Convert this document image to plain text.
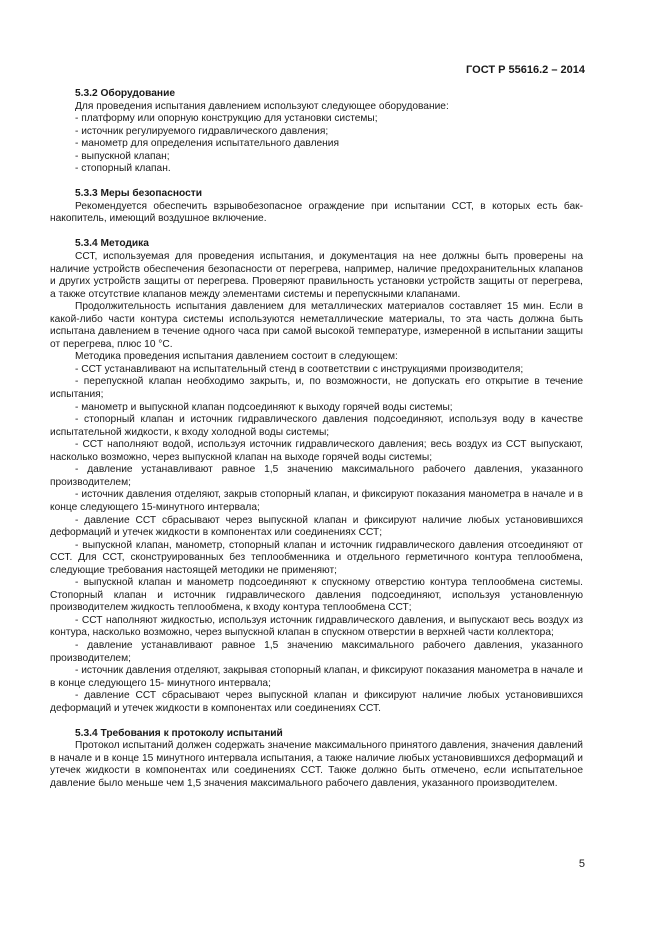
ГОСТ Р 55616.2 – 2014
5.3.2 Оборудование
Для проведения испытания давлением используют следующее оборудование:
- платформу или опорную конструкцию для установки системы;
- источник регулируемого гидравлического давления;
- манометр для определения испытательного давления
- выпускной клапан;
- стопорный клапан.
5.3.3 Меры безопасности
Рекомендуется обеспечить взрывобезопасное ограждение при испытании ССТ, в которых есть бак-накопитель, имеющий воздушное включение.
5.3.4 Методика
ССТ, используемая для проведения испытания, и документация на нее должны быть проверены на наличие устройств обеспечения безопасности от перегрева, например, наличие предохранительных клапанов и других устройств защиты от перегрева. Проверяют правильность установки устройств защиты от перегрева, а также отсутствие клапанов между элементами системы и перепускными клапанами.
Продолжительность испытания давлением для металлических материалов составляет 15 мин. Если в какой-либо части контура системы используются неметаллические материалы, то эта часть должна быть испытана давлением в течение одного часа при самой высокой температуре, измеренной в испытании защиты от перегрева, плюс 10 °С.
Методика проведения испытания давлением состоит в следующем:
- ССТ устанавливают на испытательный стенд в соответствии с инструкциями производителя;
- перепускной клапан необходимо закрыть, и, по возможности, не допускать его открытие в течение испытания;
- манометр и выпускной клапан подсоединяют к выходу горячей воды системы;
- стопорный клапан и источник гидравлического давления подсоединяют, используя воду в качестве испытательной жидкости, к входу холодной воды системы;
- ССТ наполняют водой, используя источник гидравлического давления; весь воздух из ССТ выпускают, насколько возможно, через выпускной клапан на выходе горячей воды системы;
- давление устанавливают равное 1,5 значению максимального рабочего давления, указанного производителем;
- источник давления отделяют, закрыв стопорный клапан, и фиксируют показания манометра в начале и в конце следующего 15-минутного интервала;
- давление ССТ сбрасывают через выпускной клапан и фиксируют наличие любых установившихся деформаций и утечек жидкости в компонентах или соединениях ССТ;
- выпускной клапан, манометр, стопорный клапан и источник гидравлического давления отсоединяют от ССТ. Для ССТ, сконструированных без теплообменника и отдельного герметичного контура теплообмена, следующие требования настоящей методики не применяют;
- выпускной клапан и манометр подсоединяют к спускному отверстию контура теплообмена системы. Стопорный клапан и источник гидравлического давления подсоединяют, используя установленную производителем жидкость теплообмена, к входу контура теплообмена ССТ;
- ССТ наполняют жидкостью, используя источник гидравлического давления, и выпускают весь воздух из контура, насколько возможно, через выпускной клапан в спускном отверстии в верхней части коллектора;
- давление устанавливают равное 1,5 значению максимального рабочего давления, указанного производителем;
- источник давления отделяют, закрывая стопорный клапан, и фиксируют показания манометра в начале и в конце следующего 15- минутного интервала;
- давление ССТ сбрасывают через выпускной клапан и фиксируют наличие любых установившихся деформаций и утечек жидкости в компонентах или соединениях ССТ.
5.3.4 Требования к протоколу испытаний
Протокол испытаний должен содержать значение максимального принятого давления, значения давлений в начале и в конце 15 минутного интервала испытания, а также наличие любых установившихся деформаций и утечек жидкости в компонентах или соединениях ССТ. Также должно быть отмечено, если испытательное давление было меньше чем 1,5 значения максимального рабочего давления, указанного производителем.
5
